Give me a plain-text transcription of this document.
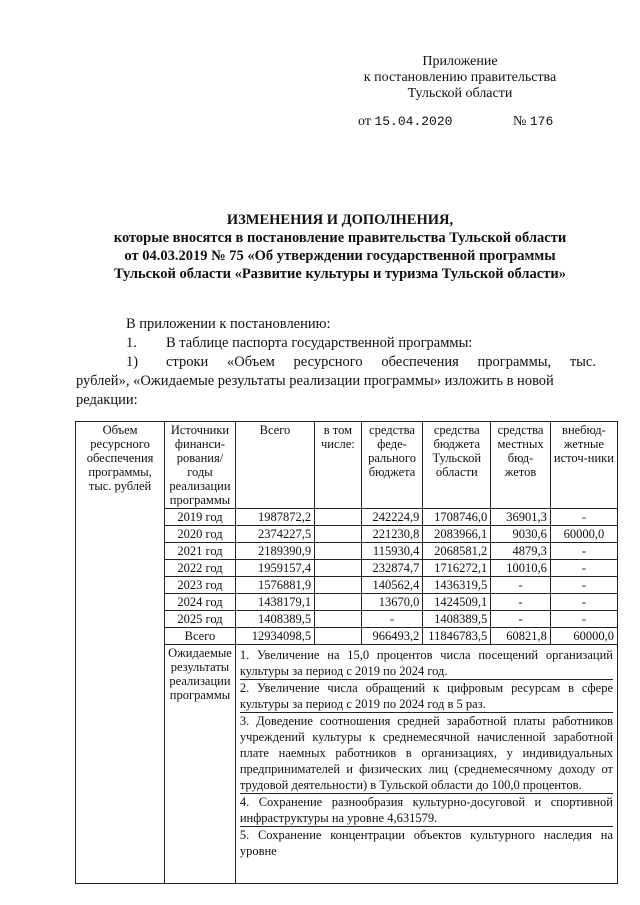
Приложение
к постановлению правительства
Тульской области
от 15.04.2020	№ 176
ИЗМЕНЕНИЯ И ДОПОЛНЕНИЯ,
которые вносятся в постановление правительства Тульской области
от 04.03.2019 № 75 «Об утверждении государственной программы
Тульской области «Развитие культуры и туризма Тульской области»

В приложении к постановлению:

1. В таблице паспорта государственной программы:

1) строки «Объем ресурсного обеспечения программы, тыс.

рублей», «Ожидаемые результаты реализации программы» изложить в новой редакции:

Объем ресурсного обеспечения программы, тыс. рублей	Источники финанси-рования/ годы реализации программы	Всего	в том числе:	средства феде-рального бюджета	средства бюджета Тульской области	средства местных бюд-жетов	внебюд-жетные источ-ники
	2019 год	1987872,2		242224,9	1708746,0	36901,3	-
	2020 год	2374227,5		221230,8	2083966,1	9030,6	60000,0
	2021 год	2189390,9		115930,4	2068581,2	4879,3	-
	2022 год	1959157,4		232874,7	1716272,1	10010,6	-
	2023 год	1576881,9		140562,4	1436319,5	-	-
	2024 год	1438179,1		13670,0	1424509,1	-	-
	2025 год	1408389,5		-	1408389,5	-	-
	Всего	12934098,5		966493,2	11846783,5	60821,8	60000,0
	Ожидаемые результаты реализации программы	1. Увеличение на 15,0 процентов числа посещений организаций культуры за период с 2019 по 2024 год.
2. Увеличение числа обращений к цифровым ресурсам в сфере культуры за период с 2019 по 2024 год в 5 раз.
3. Доведение соотношения средней заработной платы работников учреждений культуры к среднемесячной начисленной заработной плате наемных работников в организациях, у индивидуальных предпринимателей и физических лиц (среднемесячному доходу от трудовой деятельности) в Тульской области до 100,0 процентов.
4. Сохранение разнообразия культурно-досуговой и спортивной инфраструктуры на уровне 4,631579.
5. Сохранение концентрации объектов культурного наследия на уровне					
